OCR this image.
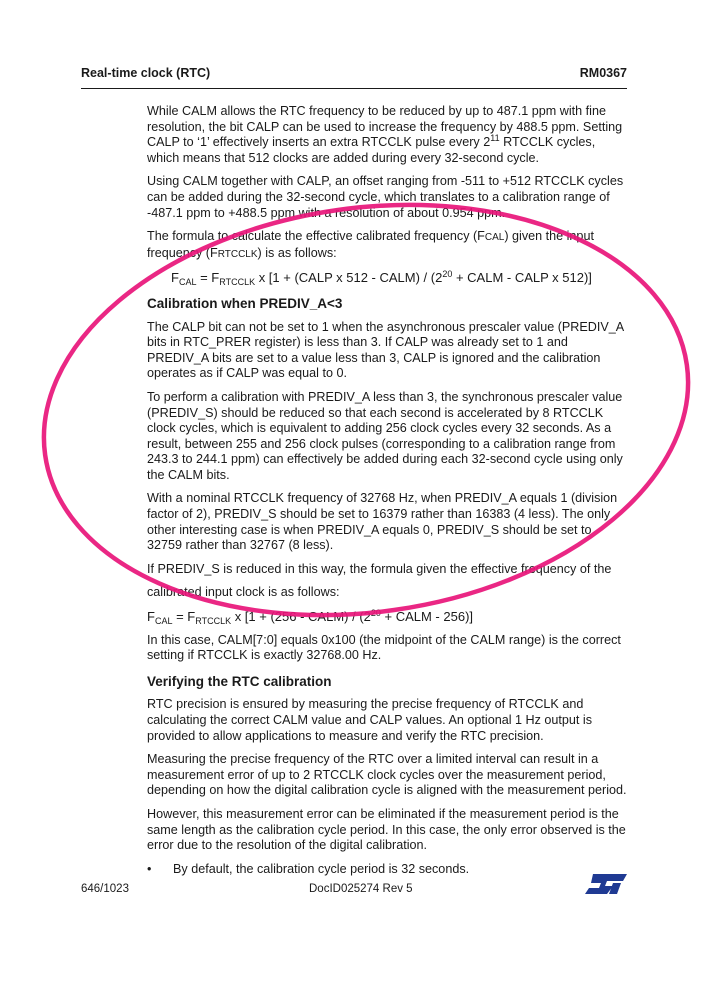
Real-time clock (RTC)	RM0367

While CALM allows the RTC frequency to be reduced by up to 487.1 ppm with fine resolution, the bit CALP can be used to increase the frequency by 488.5 ppm. Setting CALP to ‘1’ effectively inserts an extra RTCCLK pulse every $2^{11}$ RTCCLK cycles, which means that 512 clocks are added during every 32-second cycle.

Using CALM together with CALP, an offset ranging from -511 to +512 RTCCLK cycles can be added during the 32-second cycle, which translates to a calibration range of -487.1 ppm to +488.5 ppm with a resolution of about 0.954 ppm.

The formula to calculate the effective calibrated frequency (FCAL) given the input frequency (FRTCCLK) is as follows:

$F_{CAL} = F_{RTCCLK}$ x [1 + (CALP x 512 - CALM) / ($2^{20}$ + CALM - CALP x 512)]
Calibration when PREDIV_A<3

The CALP bit can not be set to 1 when the asynchronous prescaler value (PREDIV_A bits in RTC_PRER register) is less than 3. If CALP was already set to 1 and PREDIV_A bits are set to a value less than 3, CALP is ignored and the calibration operates as if CALP was equal to 0.

To perform a calibration with PREDIV_A less than 3, the synchronous prescaler value (PREDIV_S) should be reduced so that each second is accelerated by 8 RTCCLK clock cycles, which is equivalent to adding 256 clock cycles every 32 seconds. As a result, between 255 and 256 clock pulses (corresponding to a calibration range from 243.3 to 244.1 ppm) can effectively be added during each 32-second cycle using only the CALM bits.

With a nominal RTCCLK frequency of 32768 Hz, when PREDIV_A equals 1 (division factor of 2), PREDIV_S should be set to 16379 rather than 16383 (4 less). The only other interesting case is when PREDIV_A equals 0, PREDIV_S should be set to 32759 rather than 32767 (8 less).

If PREDIV_S is reduced in this way, the formula given the effective frequency of the

calibrated input clock is as follows:

$F_{CAL} = F_{RTCCLK}$ x [1 + (256 - CALM) / ($2^{20}$ + CALM - 256)]

In this case, CALM[7:0] equals 0x100 (the midpoint of the CALM range) is the correct setting if RTCCLK is exactly 32768.00 Hz.

Verifying the RTC calibration

RTC precision is ensured by measuring the precise frequency of RTCCLK and calculating the correct CALM value and CALP values. An optional 1 Hz output is provided to allow applications to measure and verify the RTC precision.

Measuring the precise frequency of the RTC over a limited interval can result in a measurement error of up to 2 RTCCLK clock cycles over the measurement period, depending on how the digital calibration cycle is aligned with the measurement period.

However, this measurement error can be eliminated if the measurement period is the same length as the calibration cycle period. In this case, the only error observed is the error due to the resolution of the digital calibration.

• By default, the calibration cycle period is 32 seconds.

646/1023	DocID025274 Rev 5
